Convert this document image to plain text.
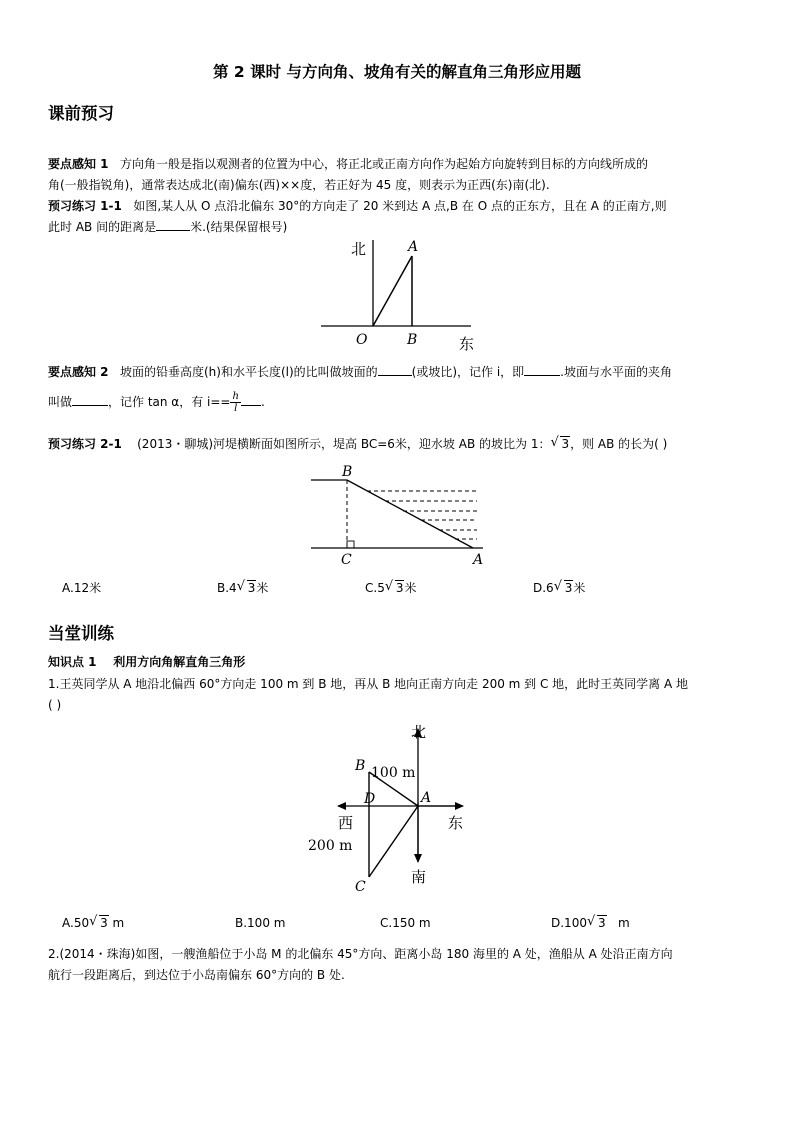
第 2 课时 与方向角、坡角有关的解直角三角形应用题
课前预习
要点感知 1 方向角一般是指以观测者的位置为中心，将正北或正南方向作为起始方向旋转到目标的方向线所成的
角(一般指锐角)，通常表达成北(南)偏东(西)××度，若正好为 45 度，则表示为正西(东)南(北).
预习练习 1-1 如图,某人从 O 点沿北偏东 30°的方向走了 20 米到达 A 点,B 在 O 点的正东方，且在 A 的正南方,则
此时 AB 间的距离是	米.(结果保留根号)
北	A
B
O	东
要点感知 2 坡面的铅垂高度(h)和水平长度(l)的比叫做坡面的	(或坡比)，记作 i，即	.坡面与水平面的夹角
叫做	，记作 tan α，有 $i== \frac{h}{l}$ .
预习练习 2-1 (2013・聊城)河堤横断面如图所示，堤高 BC=6米，迎水坡 AB 的坡比为 1： √ 3，则 AB 的长为( )
B
C	A
A.12米	B.4 √ 3米	C.5 √ 3米	D.6 √ 3米
当堂训练
知识点 1 利用方向角解直角三角形
1.王英同学从 A 地沿北偏西 60°方向走 100 m 到 B 地，再从 B 地向正南方向走 200 m 到 C 地，此时王英同学离 A 地
( )
北
南
西	东
B
A
C
D
100 m
200 m
A.50 √ 3 m	B.100 m	C.150 m	D.100 √ 3   m
2.(2014・珠海)如图，一艘渔船位于小岛 M 的北偏东 45°方向、距离小岛 180 海里的 A 处，渔船从 A 处沿正南方向
航行一段距离后，到达位于小岛南偏东 60°方向的 B 处.
